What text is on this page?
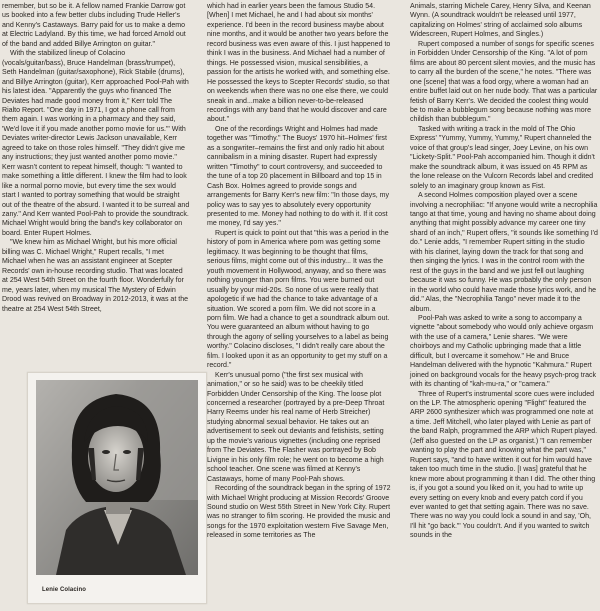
remember, but so be it. A fellow named Frankie Darrow got us booked into a few better clubs including Trude Heller's and Kenny's Castaways. Barry paid for us to make a demo at Electric Ladyland. By this time, we had forced Arnold out of the band and added Billye Arrington on guitar."

With the stabilized lineup of Colacino (vocals/guitar/bass), Bruce Handelman (brass/trumpet), Seth Handelman (guitar/saxophone), Rick Stabile (drums), and Billye Arrington (guitar), Kerr approached Pool-Pah with his latest idea. "Apparently the guys who financed The Deviates had made good money from it," Kerr told The Rialto Report. "One day in 1971, I got a phone call from them again. I was working in a pharmacy and they said, 'We'd love it if you made another porno movie for us.'" With Deviates writer-director Lewis Jackson unavailable, Kerr agreed to take on those roles himself. "They didn't give me any instructions; they just wanted another porno movie." Kerr wasn't content to repeat himself, though: "I wanted to make something a little different. I knew the film had to look like a normal porno movie, but every time the sex would start I wanted to portray something that would be straight out of the theatre of the absurd. I wanted it to be surreal and zany." And Kerr wanted Pool-Pah to provide the soundtrack. Michael Wright would bring the band's key collaborator on board. Enter Rupert Holmes.

"We knew him as Michael Wright, but his more official billing was C. Michael Wright," Rupert recalls, "I met Michael when he was an assistant engineer at Scepter Records' own in-house recording studio. That was located at 254 West 54th Street on the fourth floor. Wonderfully for me, years later, when my musical The Mystery of Edwin Drood was revived on Broadway in 2012-2013, it was at the theatre at 254 West 54th Street,

which had in earlier years been the famous Studio 54. [When] I met Michael, he and I had about six months' experience. I'd been in the record business maybe about nine months, and it would be another two years before the record business was even aware of this. I just happened to think I was in the business. And Michael had a number of things. He possessed vision, musical sensibilities, a passion for the artists he worked with, and something else. He possessed the keys to Scepter Records' studio, so that on weekends when there was no one else there, we could sneak in and...make a billion never-to-be-released recordings with any band that he would discover and care about."

One of the recordings Wright and Holmes had made together was "Timothy." The Buoys' 1970 hit–Holmes' first as a songwriter–remains the first and only radio hit about cannibalism in a mining disaster. Rupert had expressly written "Timothy" to court controversy, and succeeded to the tune of a top 20 placement in Billboard and top 15 in Cash Box. Holmes agreed to provide songs and arrangements for Barry Kerr's new film: "In those days, my policy was to say yes to absolutely every opportunity presented to me. Money had nothing to do with it. If it cost me money, I'd say yes."

Rupert is quick to point out that "this was a period in the history of porn in America where porn was getting some legitimacy. It was beginning to be thought that films, serious films, might come out of this industry... It was the youth movement in Hollywood, anyway, and so there was nothing younger than porn films. You were burned out usually by your mid-20s. So none of us were really that apologetic if we had the chance to take advantage of a situation. We scored a porn film. We did not score in a porn film. We had a chance to get a soundtrack album out. You were guaranteed an album without having to go through the agony of selling yourselves to a label as being worthy." Colacino discloses, "I didn't really care about the film. I looked upon it as an opportunity to get my stuff on a record."

Kerr's unusual porno ("the first sex musical with animation," or so he said) was to be cheekily titled Forbidden Under Censorship of the King. The loose plot concerned a researcher (portrayed by a pre-Deep Throat Harry Reems under his real name of Herb Streicher) studying abnormal sexual behavior. He takes out an advertisement to seek out deviants and fetishists, setting up the movie's various vignettes (including one reprised from The Deviates. The Flasher was portrayed by Bob Livigne in his only film role; he went on to become a high school teacher. One scene was filmed at Kenny's Castaways, home of many Pool-Pah shows.

Recording of the soundtrack began in the spring of 1972 with Michael Wright producing at Mission Records' Groove Sound studio on West 55th Street in New York City. Rupert was no stranger to film scoring. He provided the music and songs for the 1970 exploitation western Five Savage Men, released in some territories as The

Animals, starring Michele Carey, Henry Silva, and Keenan Wynn. (A soundtrack wouldn't be released until 1977, capitalizing on Holmes' string of acclaimed solo albums Widescreen, Rupert Holmes, and Singles.)

Rupert composed a number of songs for specific scenes in Forbidden Under Censorship of the King. "A lot of porn films are about 80 percent silent movies, and the music has to carry all the burden of the scene," he notes. "There was one [scene] that was a food orgy, where a woman had an entire buffet laid out on her nude body. That was a particular fetish of Barry Kerr's. We decided the coolest thing would be to make a bubblegum song because nothing was more childish than bubblegum."

Tasked with writing a track in the mold of The Ohio Express' "Yummy, Yummy, Yummy," Rupert channeled the voice of that group's lead singer, Joey Levine, on his own "Lickety-Split." Pool-Pah accompanied him. Though it didn't make the soundtrack album, it was issued on 45 RPM as the lone release on the Vulcorn Records label and credited solely to an imaginary group known as Fist.

A second Holmes composition played over a scene involving a necrophiliac: "If anyone would write a necrophilia tango at that time, young and having no shame about doing anything that might possibly advance my career one tiny shard of an inch," Rupert offers, "it sounds like something I'd do." Lenie adds, "I remember Rupert sitting in the studio with his clarinet, laying down the track for that song and then singing the lyrics. I was in the control room with the rest of the guys in the band and we just fell out laughing because it was so funny. He was probably the only person in the world who could have made those lyrics work, and he did." Alas, the "Necrophilia Tango" never made it to the album.

Pool-Pah was asked to write a song to accompany a vignette "about somebody who would only achieve orgasm with the use of a camera," Lenie shares. "We were choirboys and my Catholic upbringing made that a little difficult, but I overcame it somehow." He and Bruce Handelman delivered with the hypnotic "Kahmura." Rupert joined on background vocals for the heavy psych-prog track with its chanting of "kah-mu-ra," or "camera."

Three of Rupert's instrumental score cues were included on the LP. The atmospheric opening "Flight" featured the ARP 2600 synthesizer which was programmed one note at a time. Jeff Mitchell, who later played with Lenie as part of the band Ralph, programmed the ARP which Rupert played. (Jeff also guested on the LP as organist.) "I can remember wanting to play the part and knowing what the part was," Rupert says, "and to have written it out for him would have taken too much time in the studio. [I was] grateful that he knew more about programming it than I did. The other thing is, if you got a sound you liked on it, you had to write up every setting on every knob and every patch cord if you ever wanted to get that setting again. There was no save. There was no way you could lock a sound in and say, 'Oh, I'll hit "go back."' You couldn't. And if you wanted to switch sounds in the

Lenie Colacino
